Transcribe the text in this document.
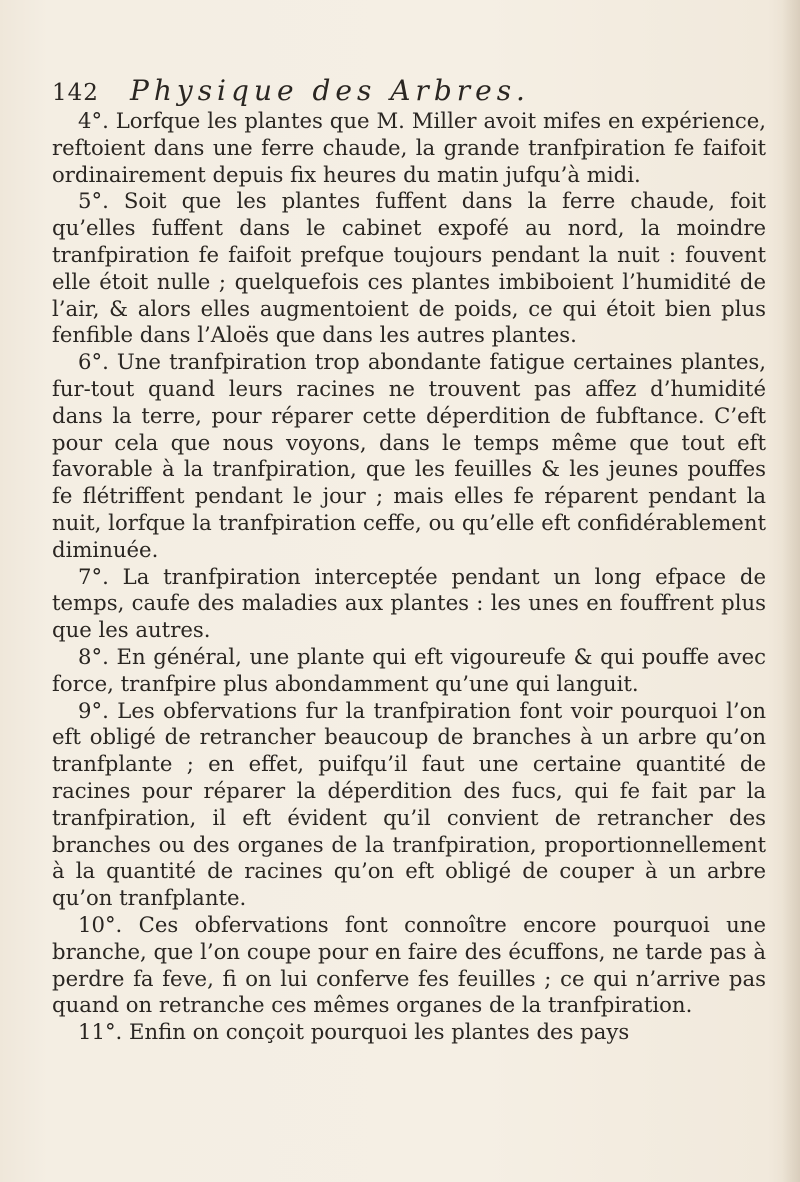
142 Physique des Arbres.

4°. Lorfque les plantes que M. Miller avoit mifes en expérience, reftoient dans une ferre chaude, la grande tranfpiration fe faifoit ordinairement depuis fix heures du matin jufqu’à midi.

5°. Soit que les plantes fuffent dans la ferre chaude, foit qu’elles fuffent dans le cabinet expofé au nord, la moindre tranfpiration fe faifoit prefque toujours pendant la nuit : fouvent elle étoit nulle ; quelquefois ces plantes imbiboient l’humidité de l’air, & alors elles augmentoient de poids, ce qui étoit bien plus fenfible dans l’Aloës que dans les autres plantes.

6°. Une tranfpiration trop abondante fatigue certaines plantes, fur-tout quand leurs racines ne trouvent pas affez d’humidité dans la terre, pour réparer cette déperdition de fubftance. C’eft pour cela que nous voyons, dans le temps même que tout eft favorable à la tranfpiration, que les feuilles & les jeunes pouffes fe flétriffent pendant le jour ; mais elles fe réparent pendant la nuit, lorfque la tranfpiration ceffe, ou qu’elle eft confidérablement diminuée.

7°. La tranfpiration interceptée pendant un long efpace de temps, caufe des maladies aux plantes : les unes en fouffrent plus que les autres.

8°. En général, une plante qui eft vigoureufe & qui pouffe avec force, tranfpire plus abondamment qu’une qui languit.

9°. Les obfervations fur la tranfpiration font voir pourquoi l’on eft obligé de retrancher beaucoup de branches à un arbre qu’on tranfplante ; en effet, puifqu’il faut une certaine quantité de racines pour réparer la déperdition des fucs, qui fe fait par la tranfpiration, il eft évident qu’il convient de retrancher des branches ou des organes de la tranfpiration, proportionnellement à la quantité de racines qu’on eft obligé de couper à un arbre qu’on tranfplante.

10°. Ces obfervations font connoître encore pourquoi une branche, que l’on coupe pour en faire des écuffons, ne tarde pas à perdre fa feve, fi on lui conferve fes feuilles ; ce qui n’arrive pas quand on retranche ces mêmes organes de la tranfpiration.

11°. Enfin on conçoit pourquoi les plantes des pays
